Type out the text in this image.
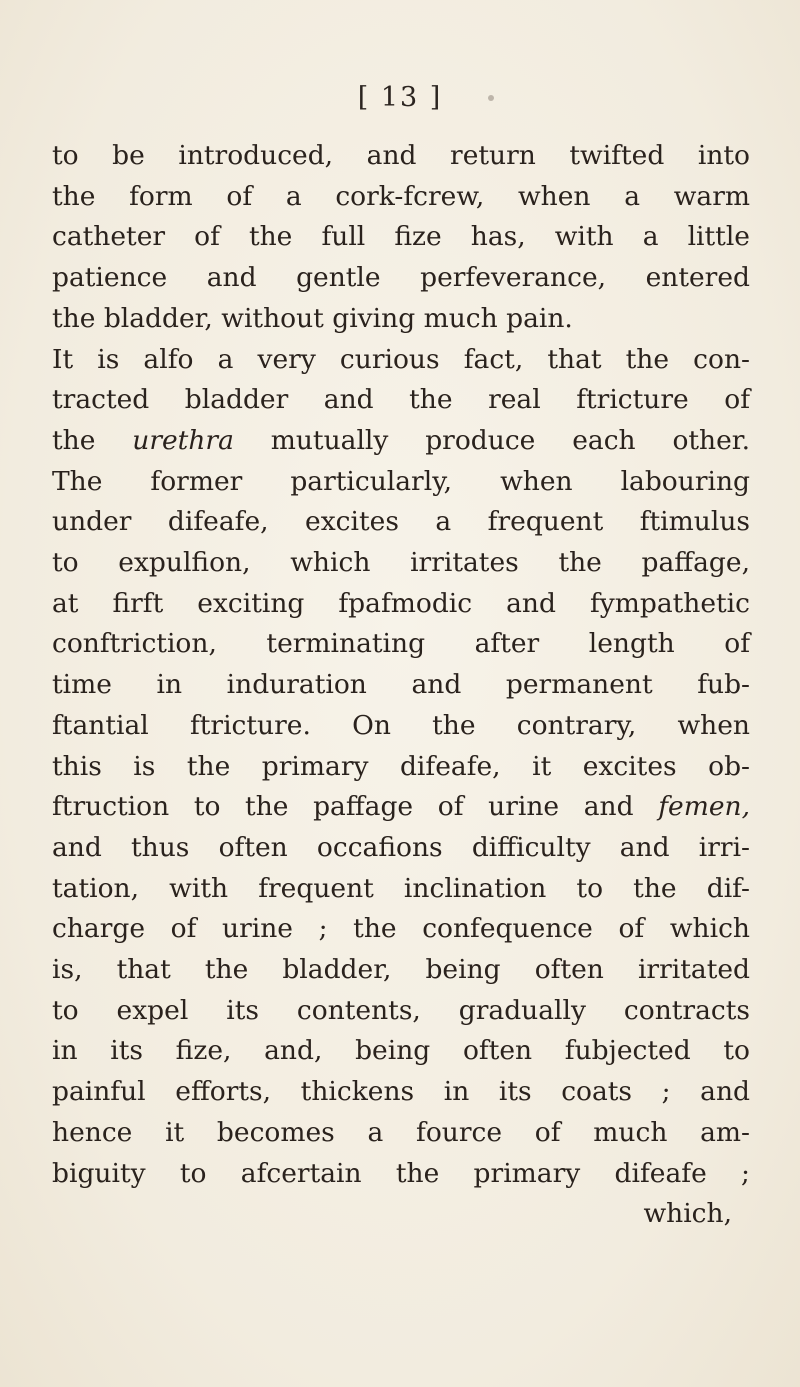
[ 13 ]
to be introduced, and return twifted into
the form of a cork-fcrew, when a warm
catheter of the full fize has, with a little
patience and gentle perfeverance, entered
the bladder, without giving much pain.
It is alfo a very curious fact, that the con-
tracted bladder and the real ftricture of
the urethra mutually produce each other.
The former particularly, when labouring
under difeafe, excites a frequent ftimulus
to expulfion, which irritates the paffage,
at firft exciting fpafmodic and fympathetic
conftriction, terminating after length of
time in induration and permanent fub-
ftantial ftricture. On the contrary, when
this is the primary difeafe, it excites ob-
ftruction to the paffage of urine and femen,
and thus often occafions difficulty and irri-
tation, with frequent inclination to the dif-
charge of urine ; the confequence of which
is, that the bladder, being often irritated
to expel its contents, gradually contracts
in its fize, and, being often fubjected to
painful efforts, thickens in its coats ; and
hence it becomes a fource of much am-
biguity to afcertain the primary difeafe ;
which,
